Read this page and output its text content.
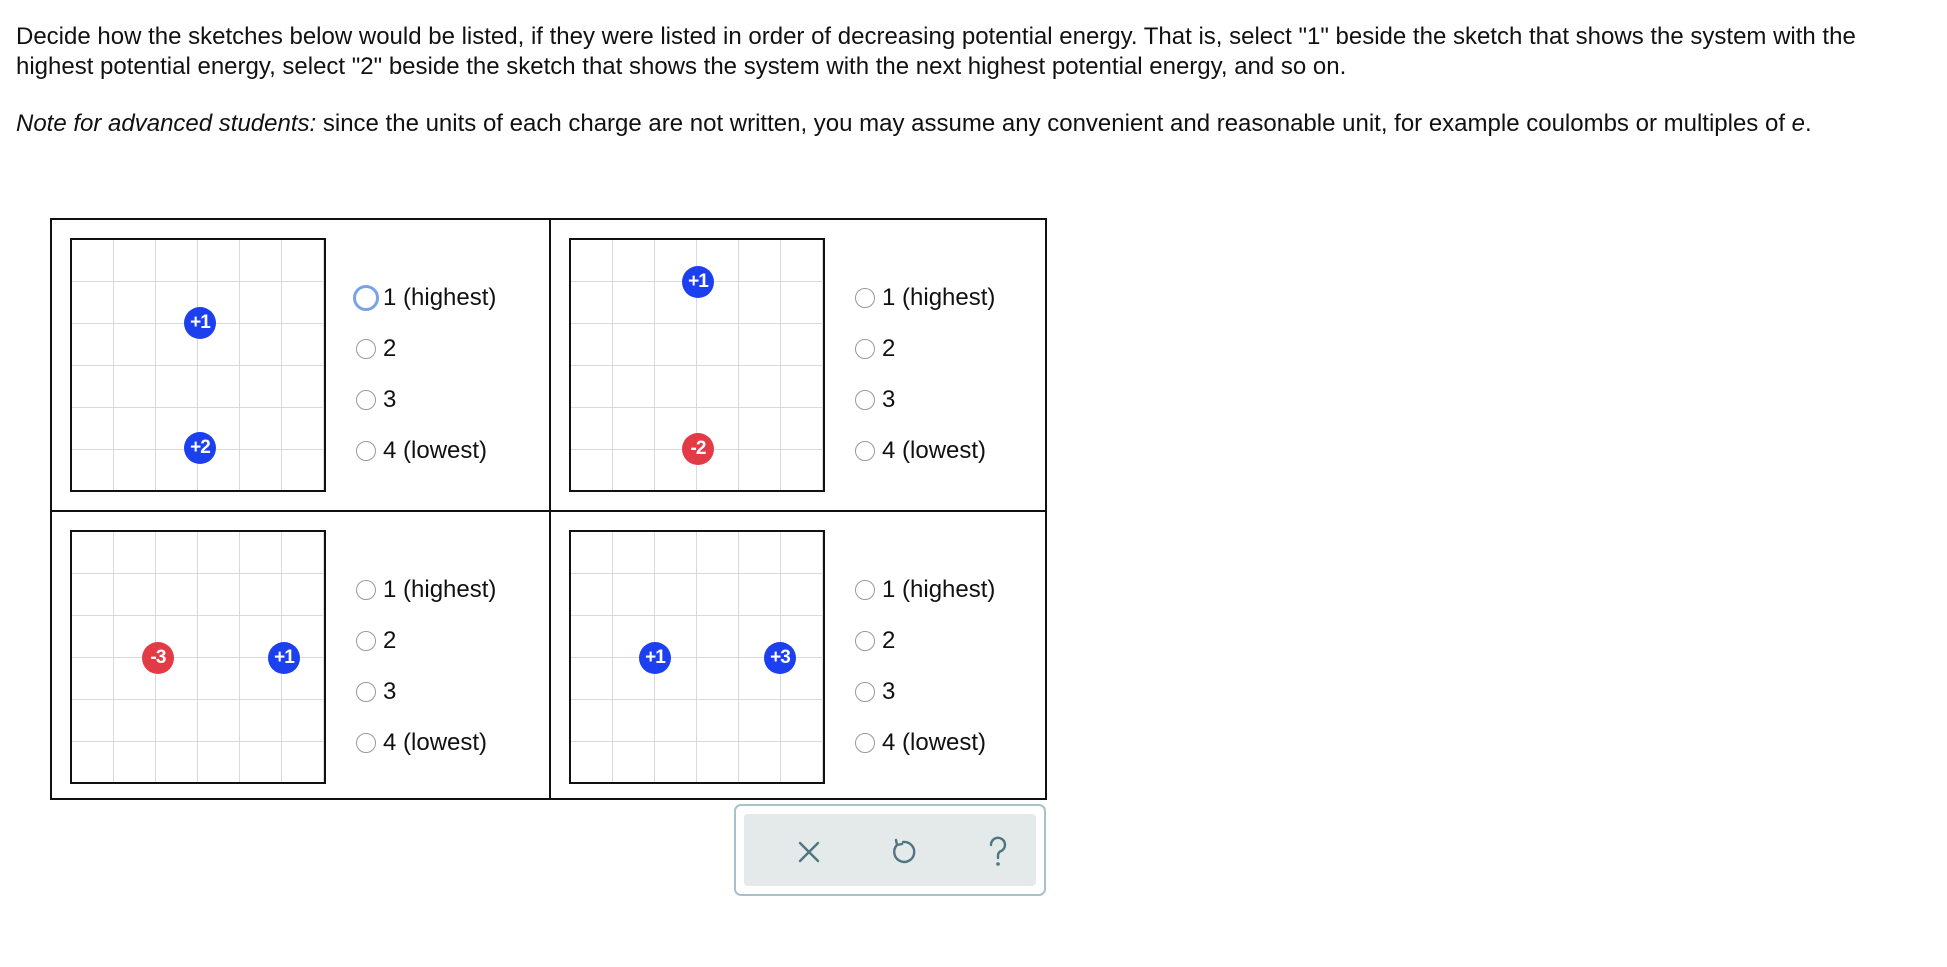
Decide how the sketches below would be listed, if they were listed in order of decreasing potential energy. That is, select "1" beside the sketch that shows the system with the highest potential energy, select "2" beside the sketch that shows the system with the next highest potential energy, and so on.

Note for advanced students: since the units of each charge are not written, you may assume any convenient and reasonable unit, for example coulombs or multiples of e.

+1
+2
1 (highest)
2
3
4 (lowest)
+1
-2
1 (highest)
2
3
4 (lowest)
-3	+1
1 (highest)
2
3
4 (lowest)
+1	+3
1 (highest)
2
3
4 (lowest)
